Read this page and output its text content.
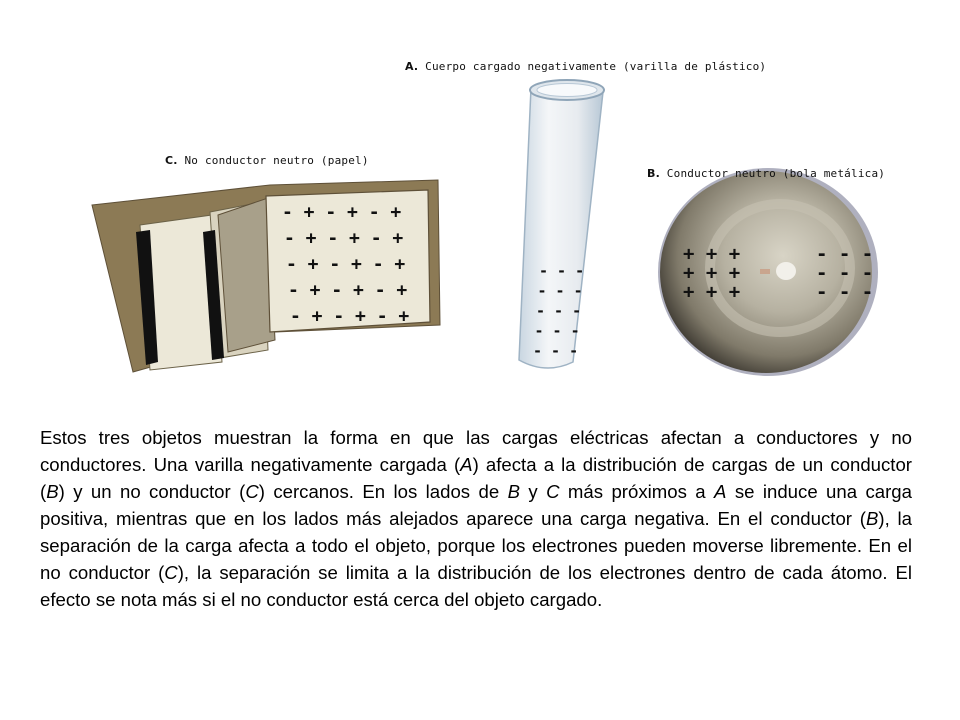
- + - + - +
- + - + - +
- + - + - +
- + - + - +
- + - + - +
- - -
- - -
- - -
- - -
- - -
+ + +
+ + +
+ + +
- - -
- - -
- - -
A. Cuerpo cargado negativamente (varilla de plástico)
C. No conductor neutro (papel)
B. Conductor neutro (bola metálica)

Estos tres objetos muestran la forma en que las cargas eléctricas afectan a conductores y no conductores. Una varilla negativamente cargada (A) afecta a la distribución de cargas de un conductor (B) y un no conductor (C) cercanos. En los lados de B y C más próximos a A se induce una carga positiva, mientras que en los lados más alejados aparece una carga negativa. En el conductor (B), la separación de la carga afecta a todo el objeto, porque los electrones pueden moverse libremente. En el no conductor (C), la separación se limita a la distribución de los electrones dentro de cada átomo. El efecto se nota más si el no conductor está cerca del objeto cargado.
